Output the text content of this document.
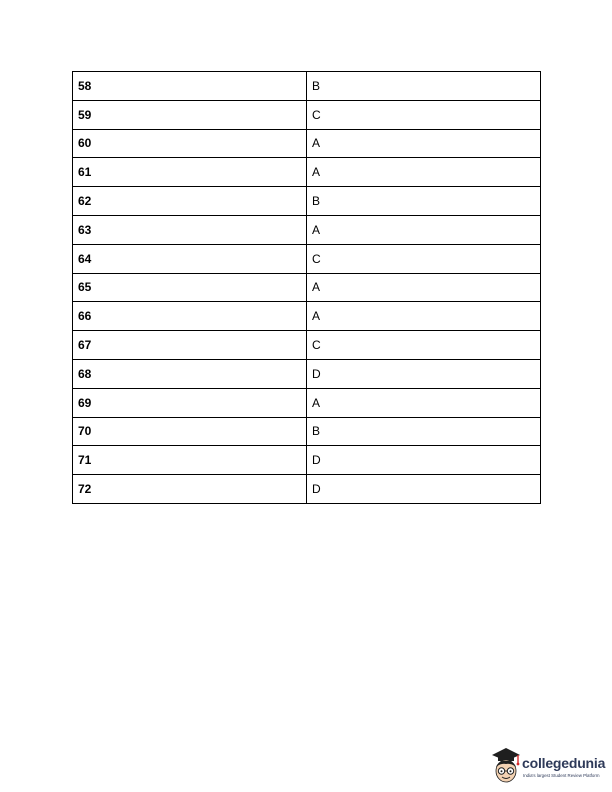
58	B
59	C
60	A
61	A
62	B
63	A
64	C
65	A
66	A
67	C
68	D
69	A
70	B
71	D
72	D
collegedunia
India's largest Student Review Platform
